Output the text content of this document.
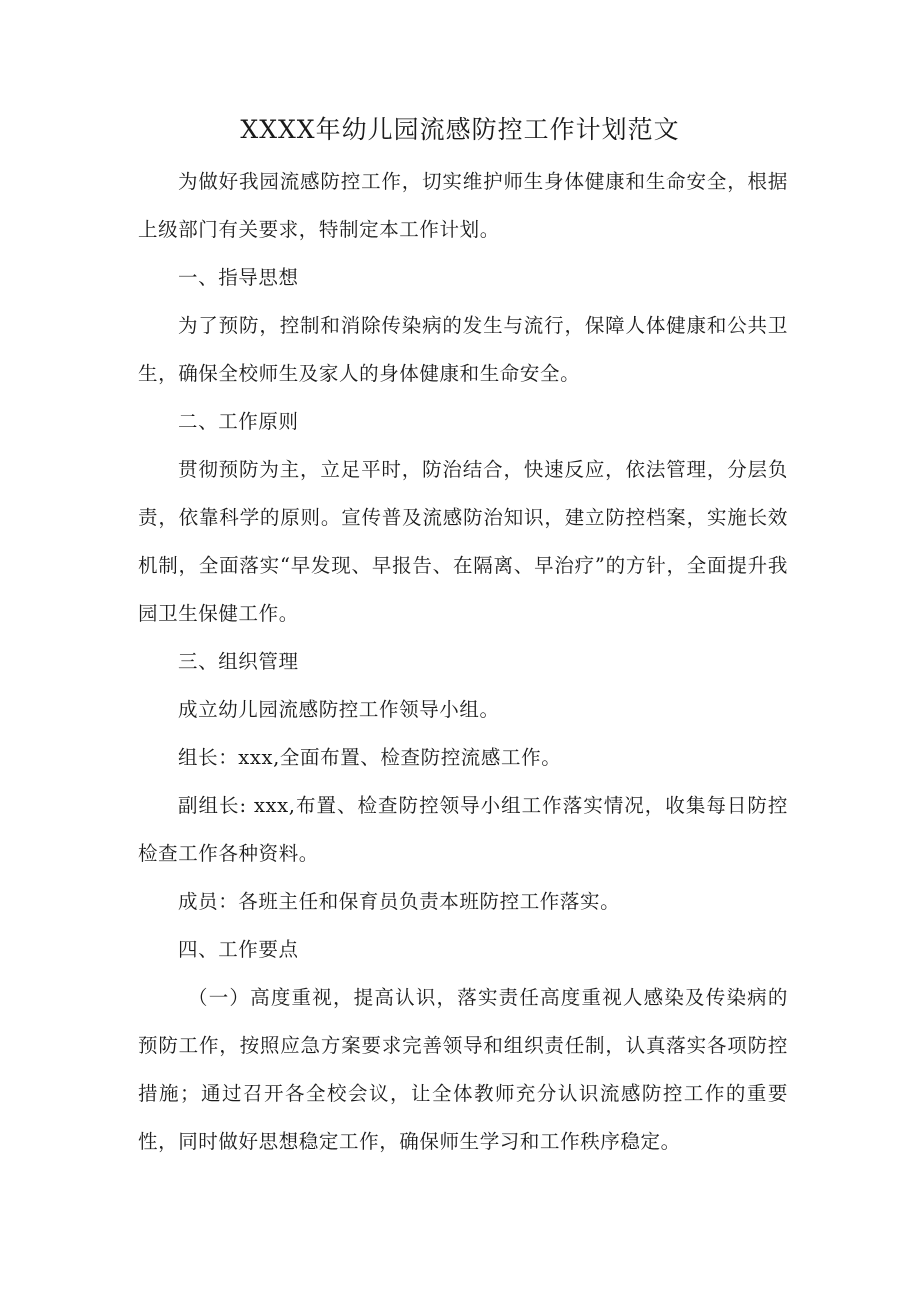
XXXX年幼儿园流感防控工作计划范文

为做好我园流感防控工作，切实维护师生身体健康和生命安全，根据上级部门有关要求，特制定本工作计划。

一、指导思想

为了预防，控制和消除传染病的发生与流行，保障人体健康和公共卫生，确保全校师生及家人的身体健康和生命安全。

二、工作原则

贯彻预防为主，立足平时，防治结合，快速反应，依法管理，分层负责，依靠科学的原则。宣传普及流感防治知识，建立防控档案，实施长效机制，全面落实“早发现、早报告、在隔离、早治疗”的方针，全面提升我园卫生保健工作。

三、组织管理

成立幼儿园流感防控工作领导小组。

组长：xxx,全面布置、检查防控流感工作。

副组长: xxx,布置、检查防控领导小组工作落实情况，收集每日防控检查工作各种资料。

成员：各班主任和保育员负责本班防控工作落实。

四、工作要点

（一）高度重视，提高认识，落实责任高度重视人感染及传染病的预防工作，按照应急方案要求完善领导和组织责任制，认真落实各项防控措施；通过召开各全校会议，让全体教师充分认识流感防控工作的重要性，同时做好思想稳定工作，确保师生学习和工作秩序稳定。
